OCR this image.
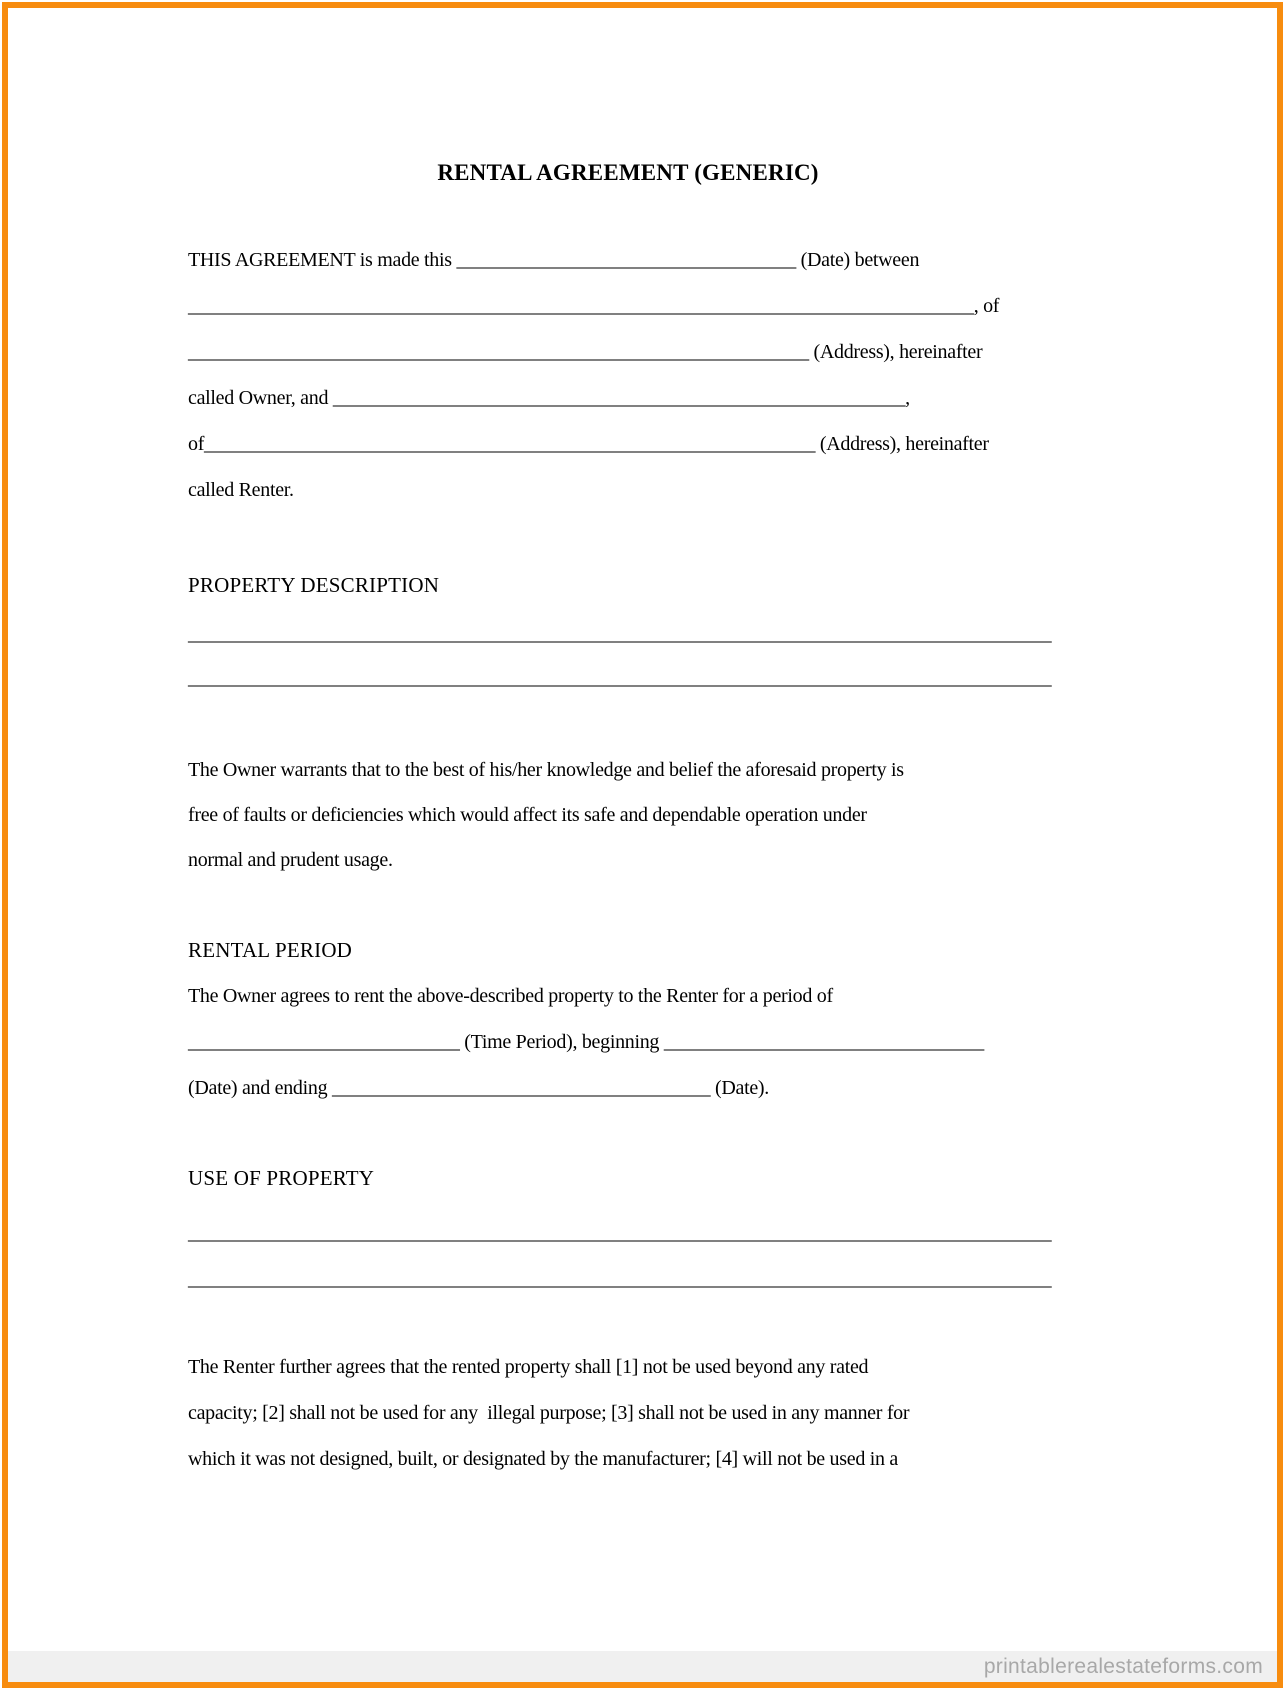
RENTAL AGREEMENT (GENERIC)
THIS AGREEMENT is made this ___________________________________ (Date) between
_________________________________________________________________________________, of
________________________________________________________________ (Address), hereinafter
called Owner, and ___________________________________________________________,
of_______________________________________________________________ (Address), hereinafter
called Renter.
PROPERTY DESCRIPTION
_________________________________________________________________________________________
_________________________________________________________________________________________
The Owner warrants that to the best of his/her knowledge and belief the aforesaid property is
free of faults or deficiencies which would affect its safe and dependable operation under
normal and prudent usage.
RENTAL PERIOD
The Owner agrees to rent the above-described property to the Renter for a period of
____________________________ (Time Period), beginning _________________________________
(Date) and ending _______________________________________ (Date).
USE OF PROPERTY
_________________________________________________________________________________________
_________________________________________________________________________________________
The Renter further agrees that the rented property shall [1] not be used beyond any rated
capacity; [2] shall not be used for any  illegal purpose; [3] shall not be used in any manner for
which it was not designed, built, or designated by the manufacturer; [4] will not be used in a
printablerealestateforms.com
